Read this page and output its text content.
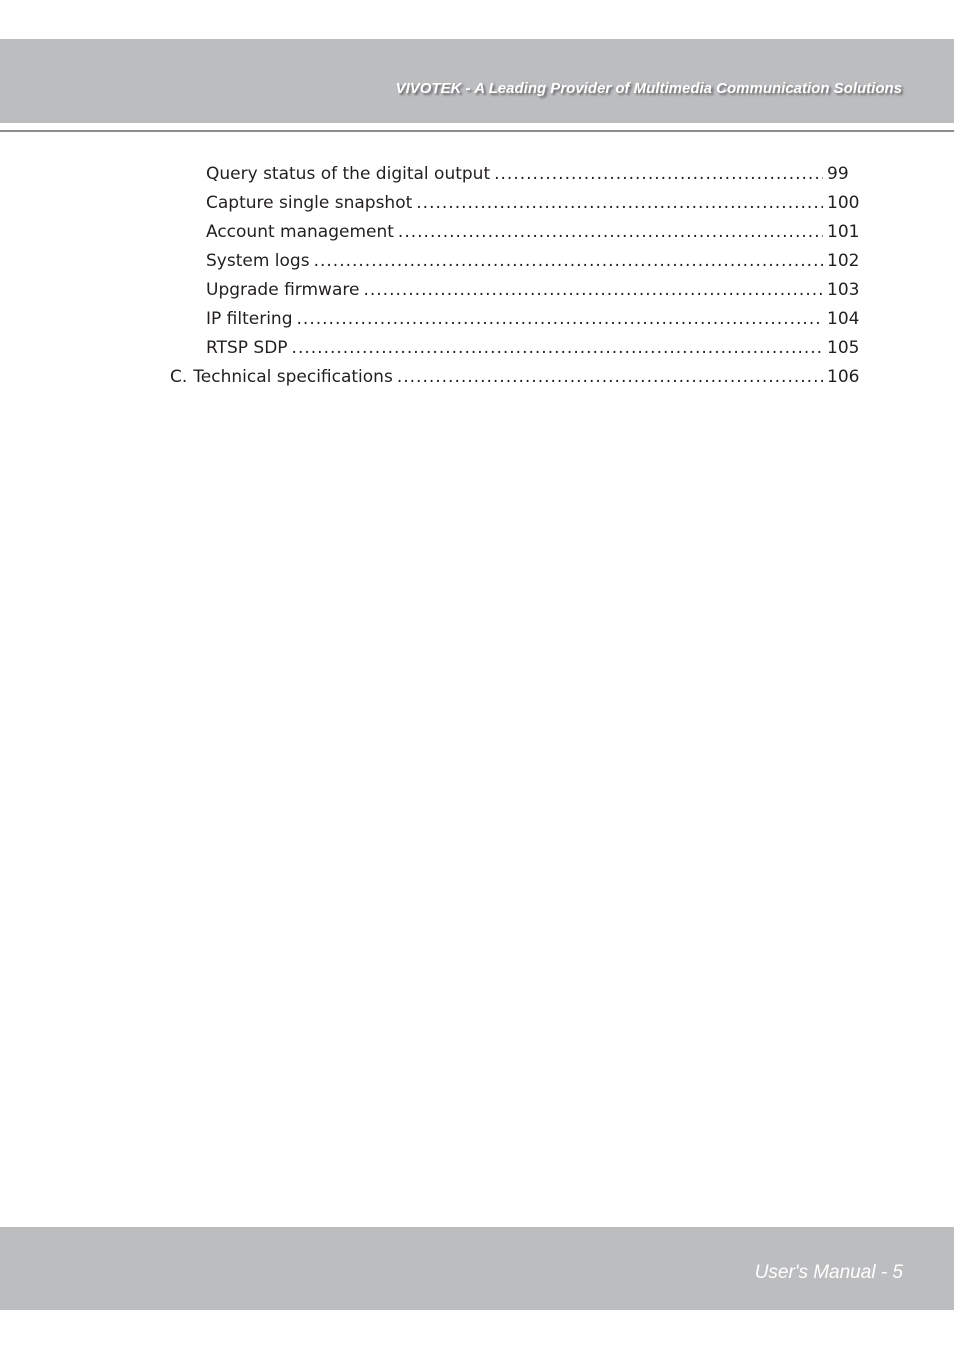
VIVOTEK - A Leading Provider of Multimedia Communication Solutions
Query status of the digital output .....	99
Capture single snapshot .....	100
Account management .....	101
System logs .....	102
Upgrade firmware .....	103
IP filtering .....	104
RTSP SDP .....	105
C. Technical specifications .....	106
User's Manual - 5
